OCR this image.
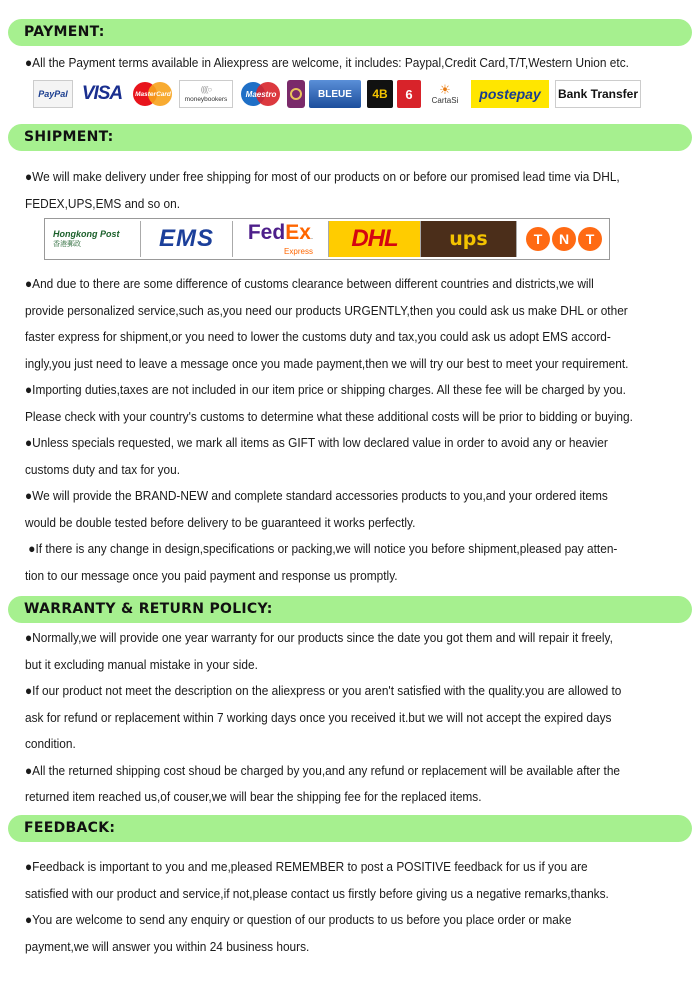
PAYMENT:

●All the Payment terms available in Aliexpress are welcome, it includes: Paypal,Credit Card,T/T,Western Union etc.

PayPal VISA MasterCard
((((○
moneybookers
Maestro	BLEUE 4B 6 ☀
CartaSi postepay Bank Transfer
SHIPMENT:

●We will make delivery under free shipping for most of our products on or before our promised lead time via DHL,

FEDEX,UPS,EMS and so on.

Hongkong Post
香港郵政	EMS FedEx.
Express DHL	ups	T	N	T

●And due to there are some difference of customs clearance between different countries and districts,we will

provide personalized service,such as,you need our products URGENTLY,then you could ask us make DHL or other

faster express for shipment,or you need to lower the customs duty and tax,you could ask us adopt EMS accord-

ingly,you just need to leave a message once you made payment,then we will try our best to meet your requirement.

●Importing duties,taxes are not included in our item price or shipping charges. All these fee will be charged by you.

Please check with your country's customs to determine what these additional costs will be prior to bidding or buying.

●Unless specials requested, we mark all items as GIFT with low declared value in order to avoid any or heavier

customs duty and tax for you.

●We will provide the BRAND-NEW and complete standard accessories products to you,and your ordered items

would be double tested before delivery to be guaranteed it works perfectly.

●If there is any change in design,specifications or packing,we will notice you before shipment,pleased pay atten-

tion to our message once you paid payment and response us promptly.

WARRANTY & RETURN POLICY:

●Normally,we will provide one year warranty for our products since the date you got them and will repair it freely,

but it excluding manual mistake in your side.

●If our product not meet the description on the aliexpress or you aren't satisfied with the quality.you are allowed to

ask for refund or replacement within 7 working days once you received it.but we will not accept the expired days

condition.

●All the returned shipping cost shoud be charged by you,and any refund or replacement will be available after the

returned item reached us,of couser,we will bear the shipping fee for the replaced items.

FEEDBACK:

●Feedback is important to you and me,pleased REMEMBER to post a POSITIVE feedback for us if you are

satisfied with our product and service,if not,please contact us firstly before giving us a negative remarks,thanks.

●You are welcome to send any enquiry or question of our products to us before you place order or make

payment,we will answer you within 24 business hours.
